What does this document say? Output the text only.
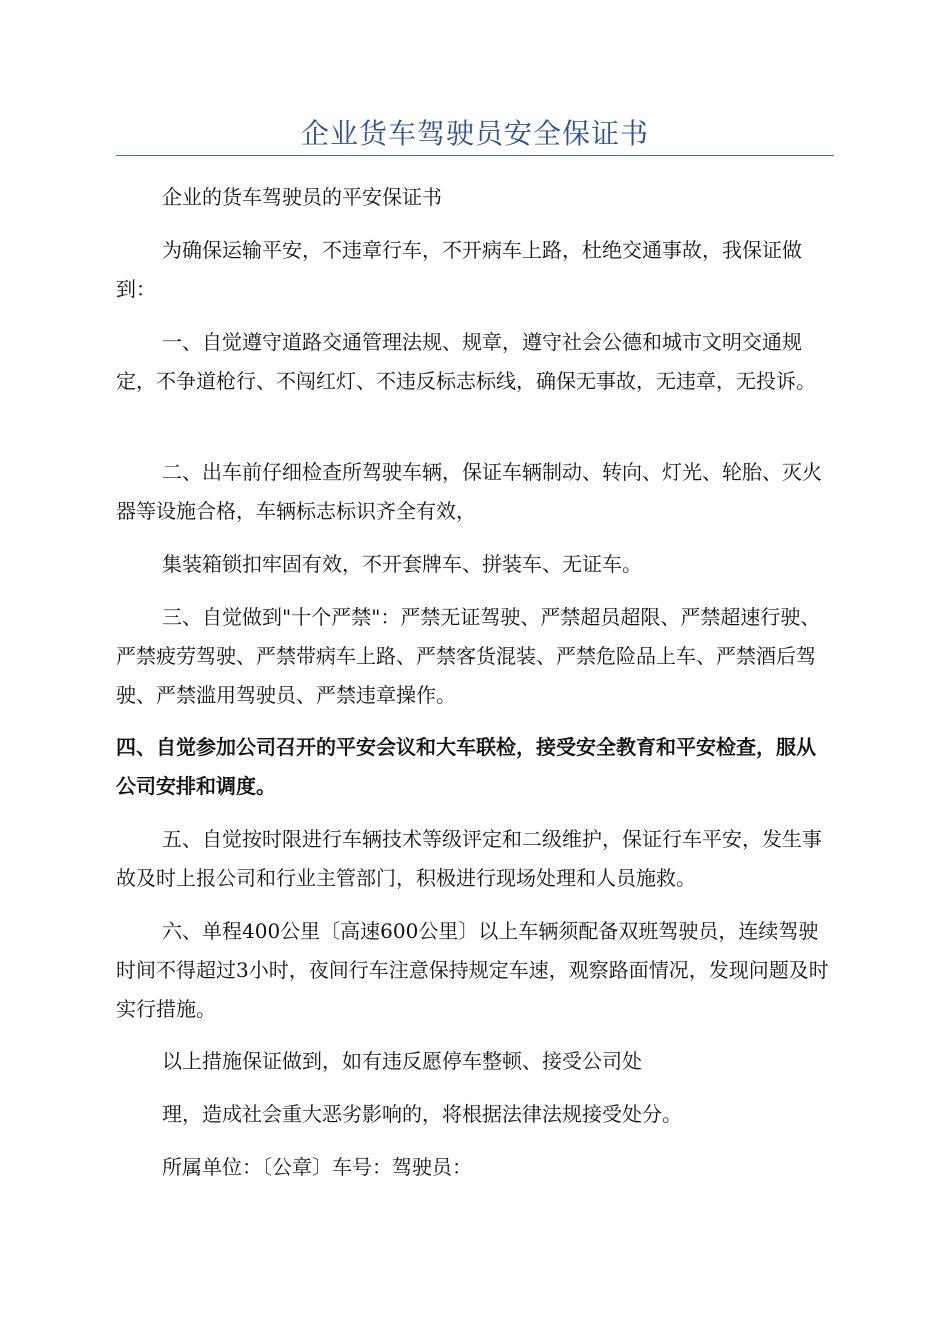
企业货车驾驶员安全保证书

企业的货车驾驶员的平安保证书

为确保运输平安，不违章行车，不开病车上路，杜绝交通事故，我保证做到：

一、自觉遵守道路交通管理法规、规章，遵守社会公德和城市文明交通规定，不争道枪行、不闯红灯、不违反标志标线，确保无事故，无违章，无投诉。

二、出车前仔细检查所驾驶车辆，保证车辆制动、转向、灯光、轮胎、灭火器等设施合格，车辆标志标识齐全有效，

集装箱锁扣牢固有效，不开套牌车、拼装车、无证车。

三、自觉做到"十个严禁"：严禁无证驾驶、严禁超员超限、严禁超速行驶、严禁疲劳驾驶、严禁带病车上路、严禁客货混装、严禁危险品上车、严禁酒后驾驶、严禁滥用驾驶员、严禁违章操作。

四、自觉参加公司召开的平安会议和大车联检，接受安全教育和平安检查，服从公司安排和调度。

五、自觉按时限进行车辆技术等级评定和二级维护，保证行车平安，发生事故及时上报公司和行业主管部门，积极进行现场处理和人员施救。

六、单程400公里〔高速600公里〕以上车辆须配备双班驾驶员，连续驾驶时间不得超过3小时，夜间行车注意保持规定车速，观察路面情况，发现问题及时实行措施。

以上措施保证做到，如有违反愿停车整顿、接受公司处

理，造成社会重大恶劣影响的，将根据法律法规接受处分。

所属单位：〔公章〕车号：驾驶员：
